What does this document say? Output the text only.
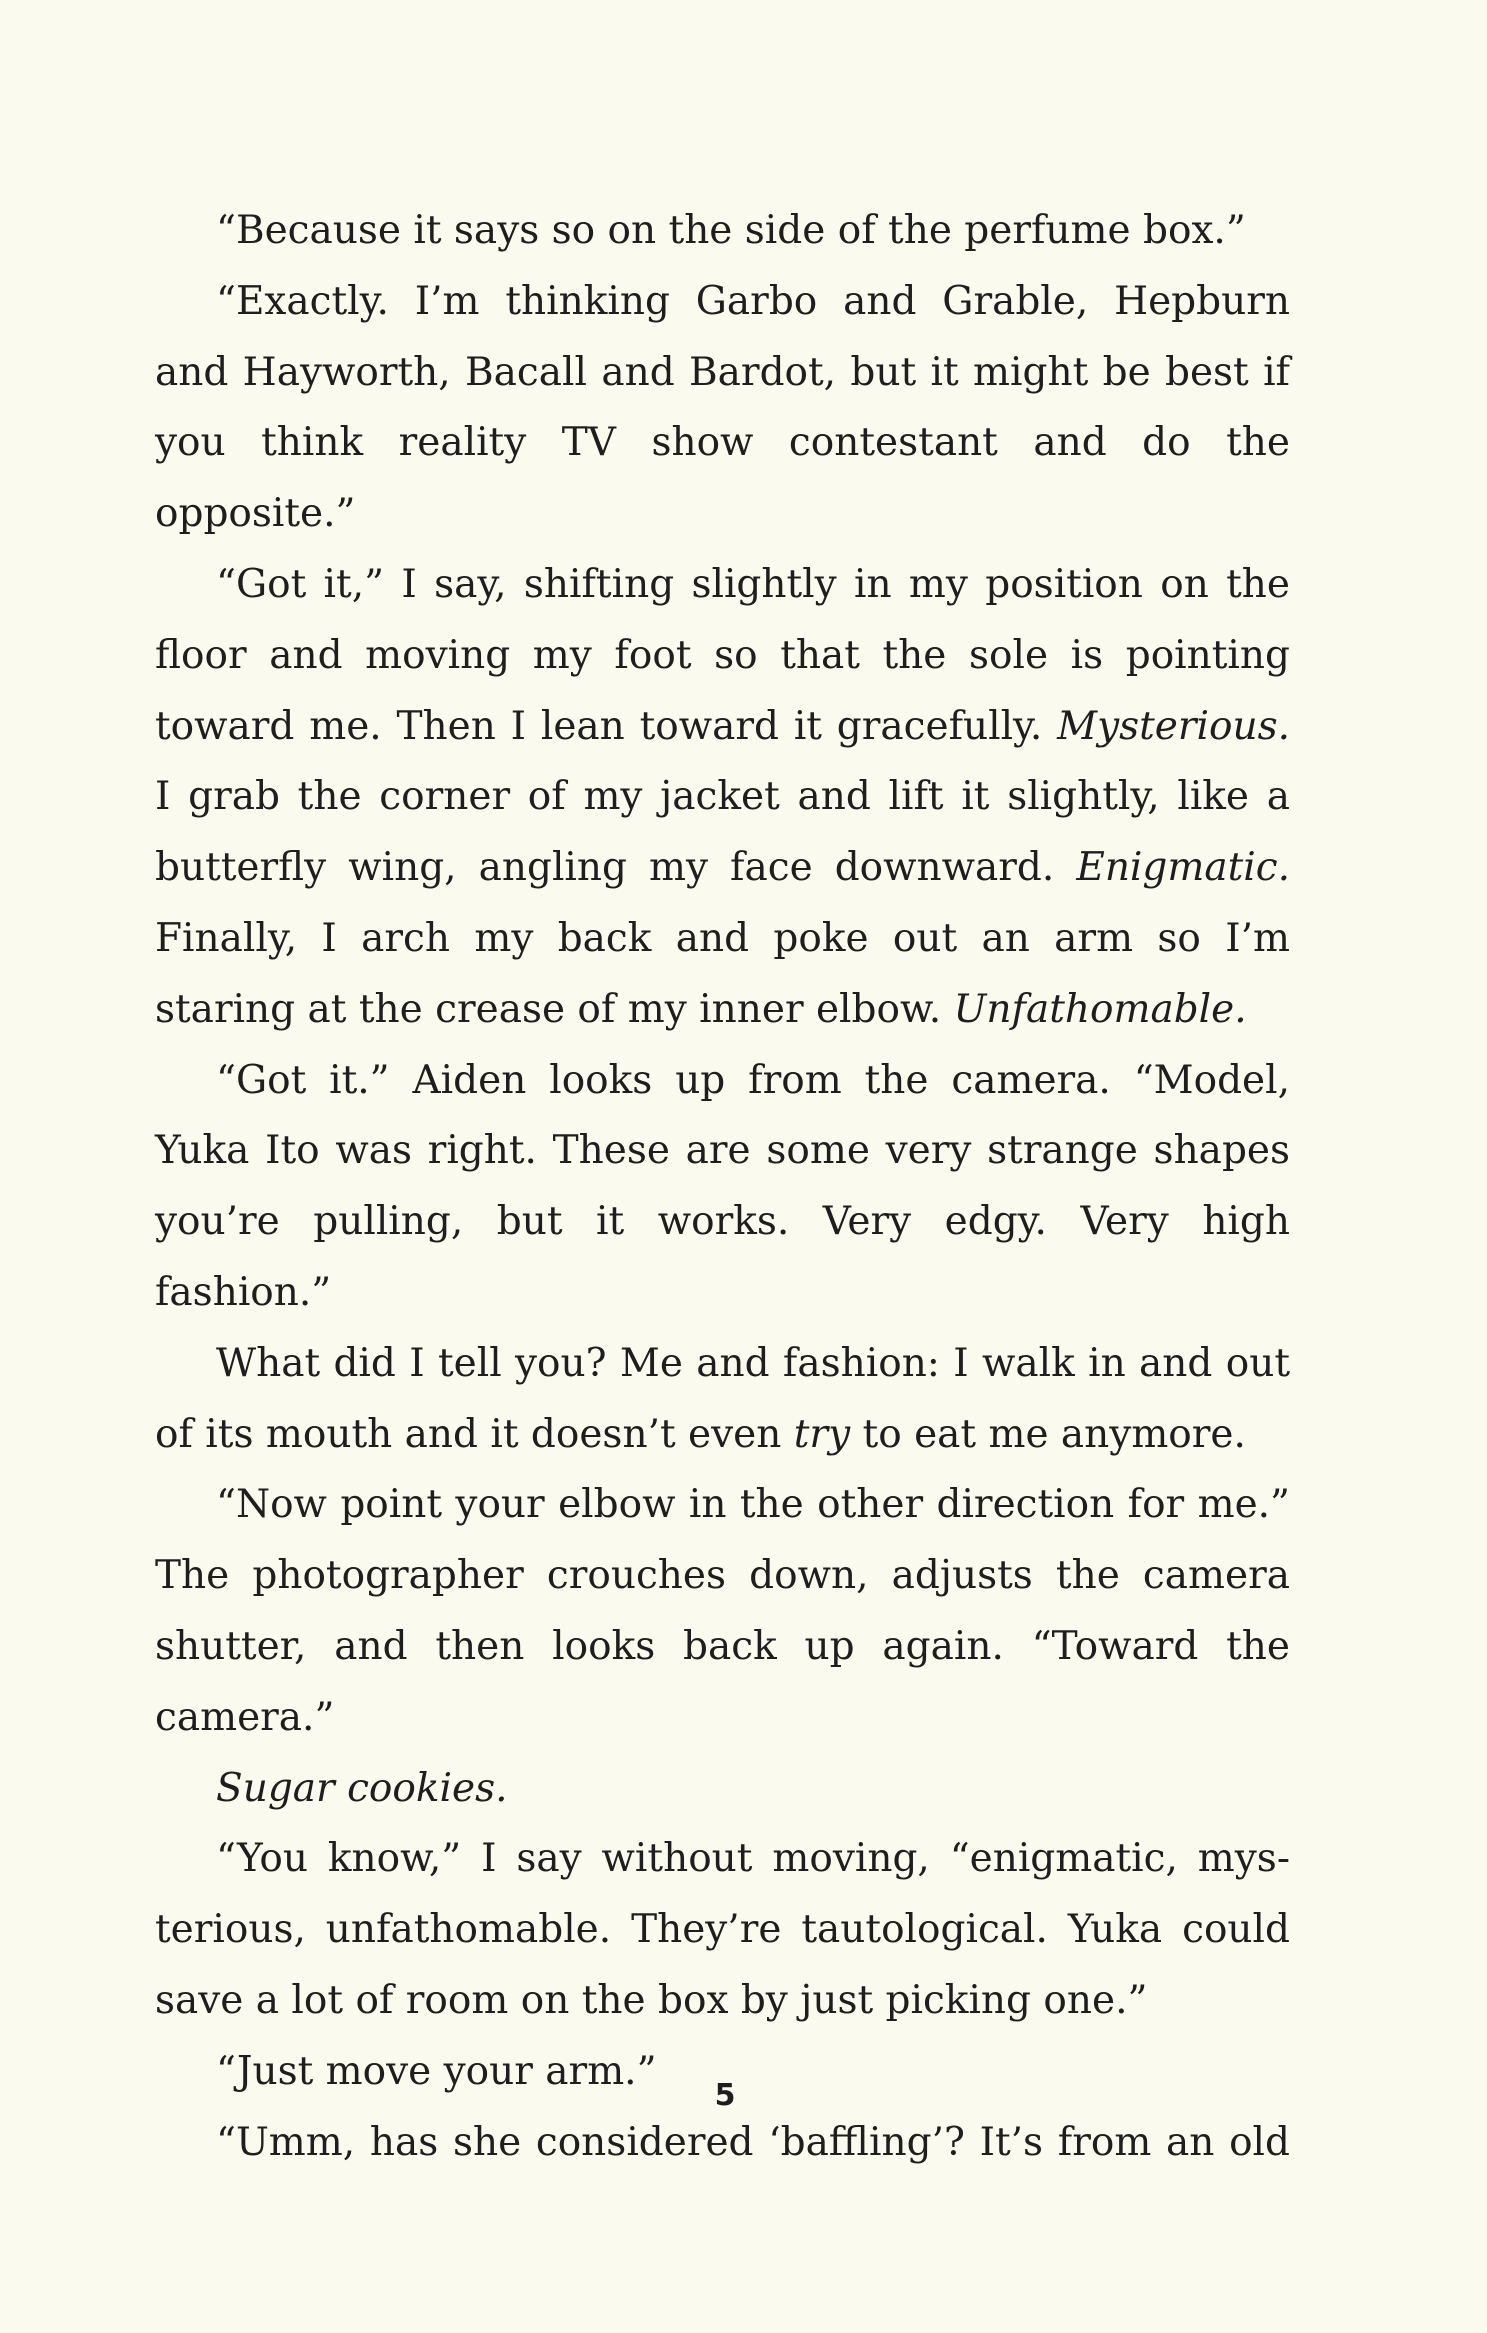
“Because it says so on the side of the perfume box.”

“Exactly. I’m thinking Garbo and Grable, Hepburn and Hayworth, Bacall and Bardot, but it might be best if you think reality TV show contestant and do the opposite.”

“Got it,” I say, shifting slightly in my position on the floor and moving my foot so that the sole is pointing toward me. Then I lean toward it gracefully. Mysterious. I grab the corner of my jacket and lift it slightly, like a butterfly wing, angling my face downward. Enigmatic. Finally, I arch my back and poke out an arm so I’m staring at the crease of my inner elbow. Unfathomable.

“Got it.” Aiden looks up from the camera. “Model, Yuka Ito was right. These are some very strange shapes you’re pulling, but it works. Very edgy. Very high fashion.”

What did I tell you? Me and fashion: I walk in and out of its mouth and it doesn’t even try to eat me anymore.

“Now point your elbow in the other direction for me.” The photographer crouches down, adjusts the camera shutter, and then looks back up again. “Toward the camera.”

Sugar cookies.

“You know,” I say without moving, “enigmatic, mysterious, unfathomable. They’re tautological. Yuka could save a lot of room on the box by just picking one.”

“Just move your arm.”

“Umm, has she considered ‘baffling’? It’s from an old

5
